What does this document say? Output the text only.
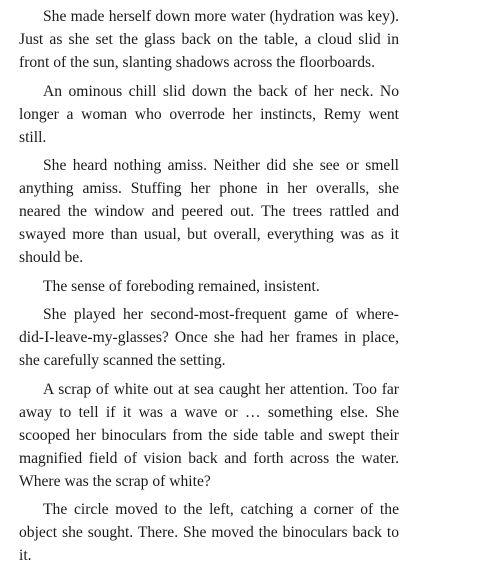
She made herself down more water (hydration was key). Just as she set the glass back on the table, a cloud slid in front of the sun, slanting shadows across the floorboards.

An ominous chill slid down the back of her neck. No longer a woman who overrode her instincts, Remy went still.

She heard nothing amiss. Neither did she see or smell anything amiss. Stuffing her phone in her overalls, she neared the window and peered out. The trees rattled and swayed more than usual, but overall, everything was as it should be.

The sense of foreboding remained, insistent.

She played her second-most-frequent game of where-did-I-leave-my-glasses? Once she had her frames in place, she carefully scanned the setting.

A scrap of white out at sea caught her attention. Too far away to tell if it was a wave or … something else. She scooped her binoculars from the side table and swept their magnified field of vision back and forth across the water. Where was the scrap of white?

The circle moved to the left, catching a corner of the object she sought. There. She moved the binoculars back to it.
